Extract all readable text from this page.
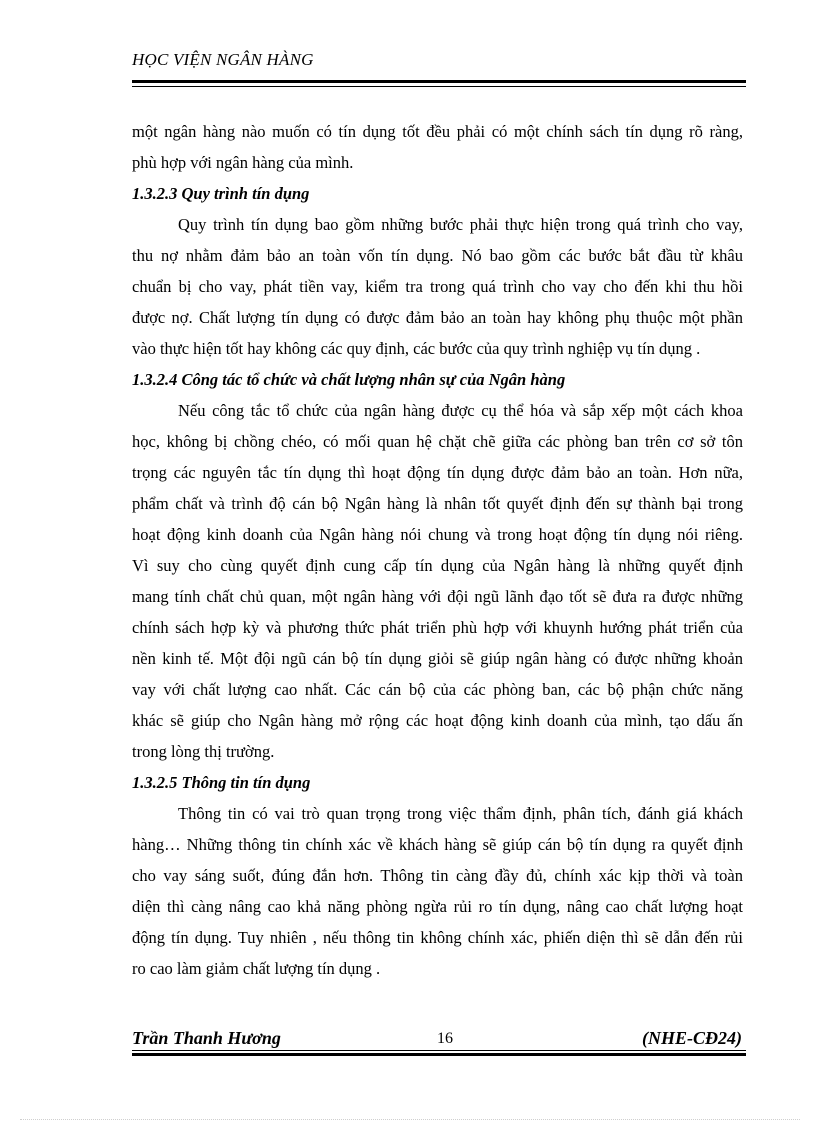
HỌC VIỆN NGÂN HÀNG
một ngân hàng nào muốn có tín dụng tốt đều phải có một chính sách tín dụng rõ ràng,
phù hợp với ngân hàng của mình.
1.3.2.3 Quy trình tín dụng
Quy trình tín dụng bao gồm những bước phải thực hiện trong quá trình cho vay,
thu nợ nhằm đảm bảo an toàn vốn tín dụng. Nó bao gồm các bước bắt đầu từ khâu
chuẩn bị cho vay, phát tiền vay, kiểm tra trong quá trình cho vay cho đến khi thu hồi
được nợ. Chất lượng tín dụng có được đảm bảo an toàn hay không phụ thuộc một phần
vào thực hiện tốt hay không các quy định, các bước của quy trình nghiệp vụ tín dụng .
1.3.2.4 Công tác tổ chức và chất lượng nhân sự của Ngân hàng
Nếu công tắc tổ chức của ngân hàng được cụ thể hóa và sắp xếp một cách khoa
học, không bị chồng chéo, có mối quan hệ chặt chẽ giữa các phòng ban trên cơ sở tôn
trọng các nguyên tắc tín dụng thì hoạt động tín dụng được đảm bảo an toàn. Hơn nữa,
phẩm chất và trình độ cán bộ Ngân hàng là nhân tốt quyết định đến sự thành bại trong
hoạt động kinh doanh của Ngân hàng nói chung và trong hoạt động tín dụng nói riêng.
Vì suy cho cùng quyết định cung cấp tín dụng của Ngân hàng là những quyết định
mang tính chất chủ quan, một ngân hàng với đội ngũ lãnh đạo tốt sẽ đưa ra được những
chính sách hợp kỳ và phương thức phát triển phù hợp với khuynh hướng phát triển của
nền kinh tế. Một đội ngũ cán bộ tín dụng giỏi sẽ giúp ngân hàng có được những khoản
vay với chất lượng cao nhất. Các cán bộ của các phòng ban, các bộ phận chức năng
khác sẽ giúp cho Ngân hàng mở rộng các hoạt động kinh doanh của mình, tạo dấu ấn
trong lòng thị trường.
1.3.2.5 Thông tin tín dụng
Thông tin có vai trò quan trọng trong việc thẩm định, phân tích, đánh giá khách
hàng… Những thông tin chính xác về khách hàng sẽ giúp cán bộ tín dụng ra quyết định
cho vay sáng suốt, đúng đắn hơn. Thông tin càng đầy đủ, chính xác kịp thời và toàn
diện thì càng nâng cao khả năng phòng ngừa rủi ro tín dụng, nâng cao chất lượng hoạt
động tín dụng. Tuy nhiên , nếu thông tin không chính xác, phiến diện thì sẽ dẫn đến rủi
ro cao làm giảm chất lượng tín dụng .
Trần Thanh Hương	16	(NHE-CĐ24)
